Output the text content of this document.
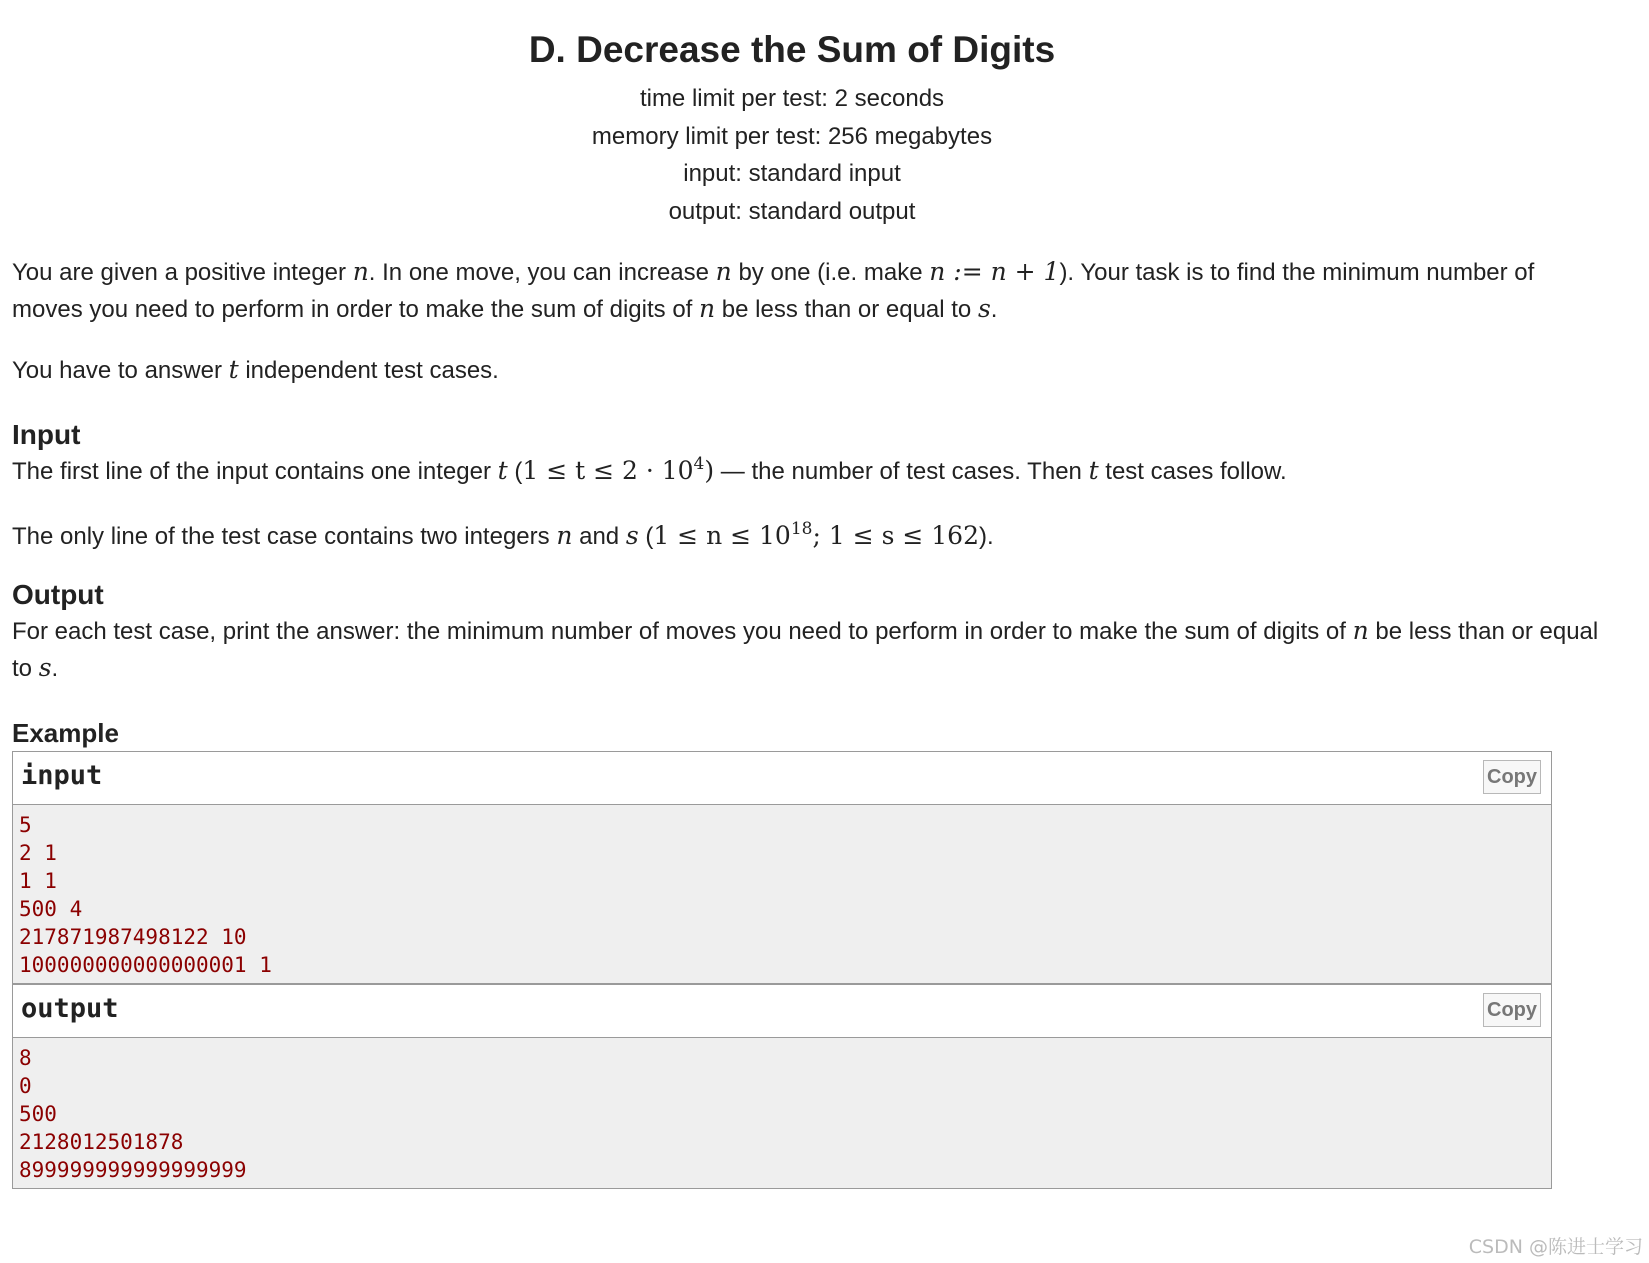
D. Decrease the Sum of Digits
time limit per test: 2 seconds
memory limit per test: 256 megabytes
input: standard input
output: standard output

You are given a positive integer n. In one move, you can increase n by one (i.e. make n := n + 1). Your task is to find the minimum number of moves you need to perform in order to make the sum of digits of n be less than or equal to s.

You have to answer t independent test cases.

Input

The first line of the input contains one integer t $(1 \le t \le 2 \cdot 10^4)$ — the number of test cases. Then t test cases follow.

The only line of the test case contains two integers n and s ($1 \le n \le 10^{18}$; 1 ≤ s ≤ 162).

Output

For each test case, print the answer: the minimum number of moves you need to perform in order to make the sum of digits of n be less than or equal to s.

Example
input	Copy
5
2 1
1 1
500 4
217871987498122 10
100000000000000001 1
output	Copy
8
0
500
2128012501878
899999999999999999
CSDN @陈进士学习
